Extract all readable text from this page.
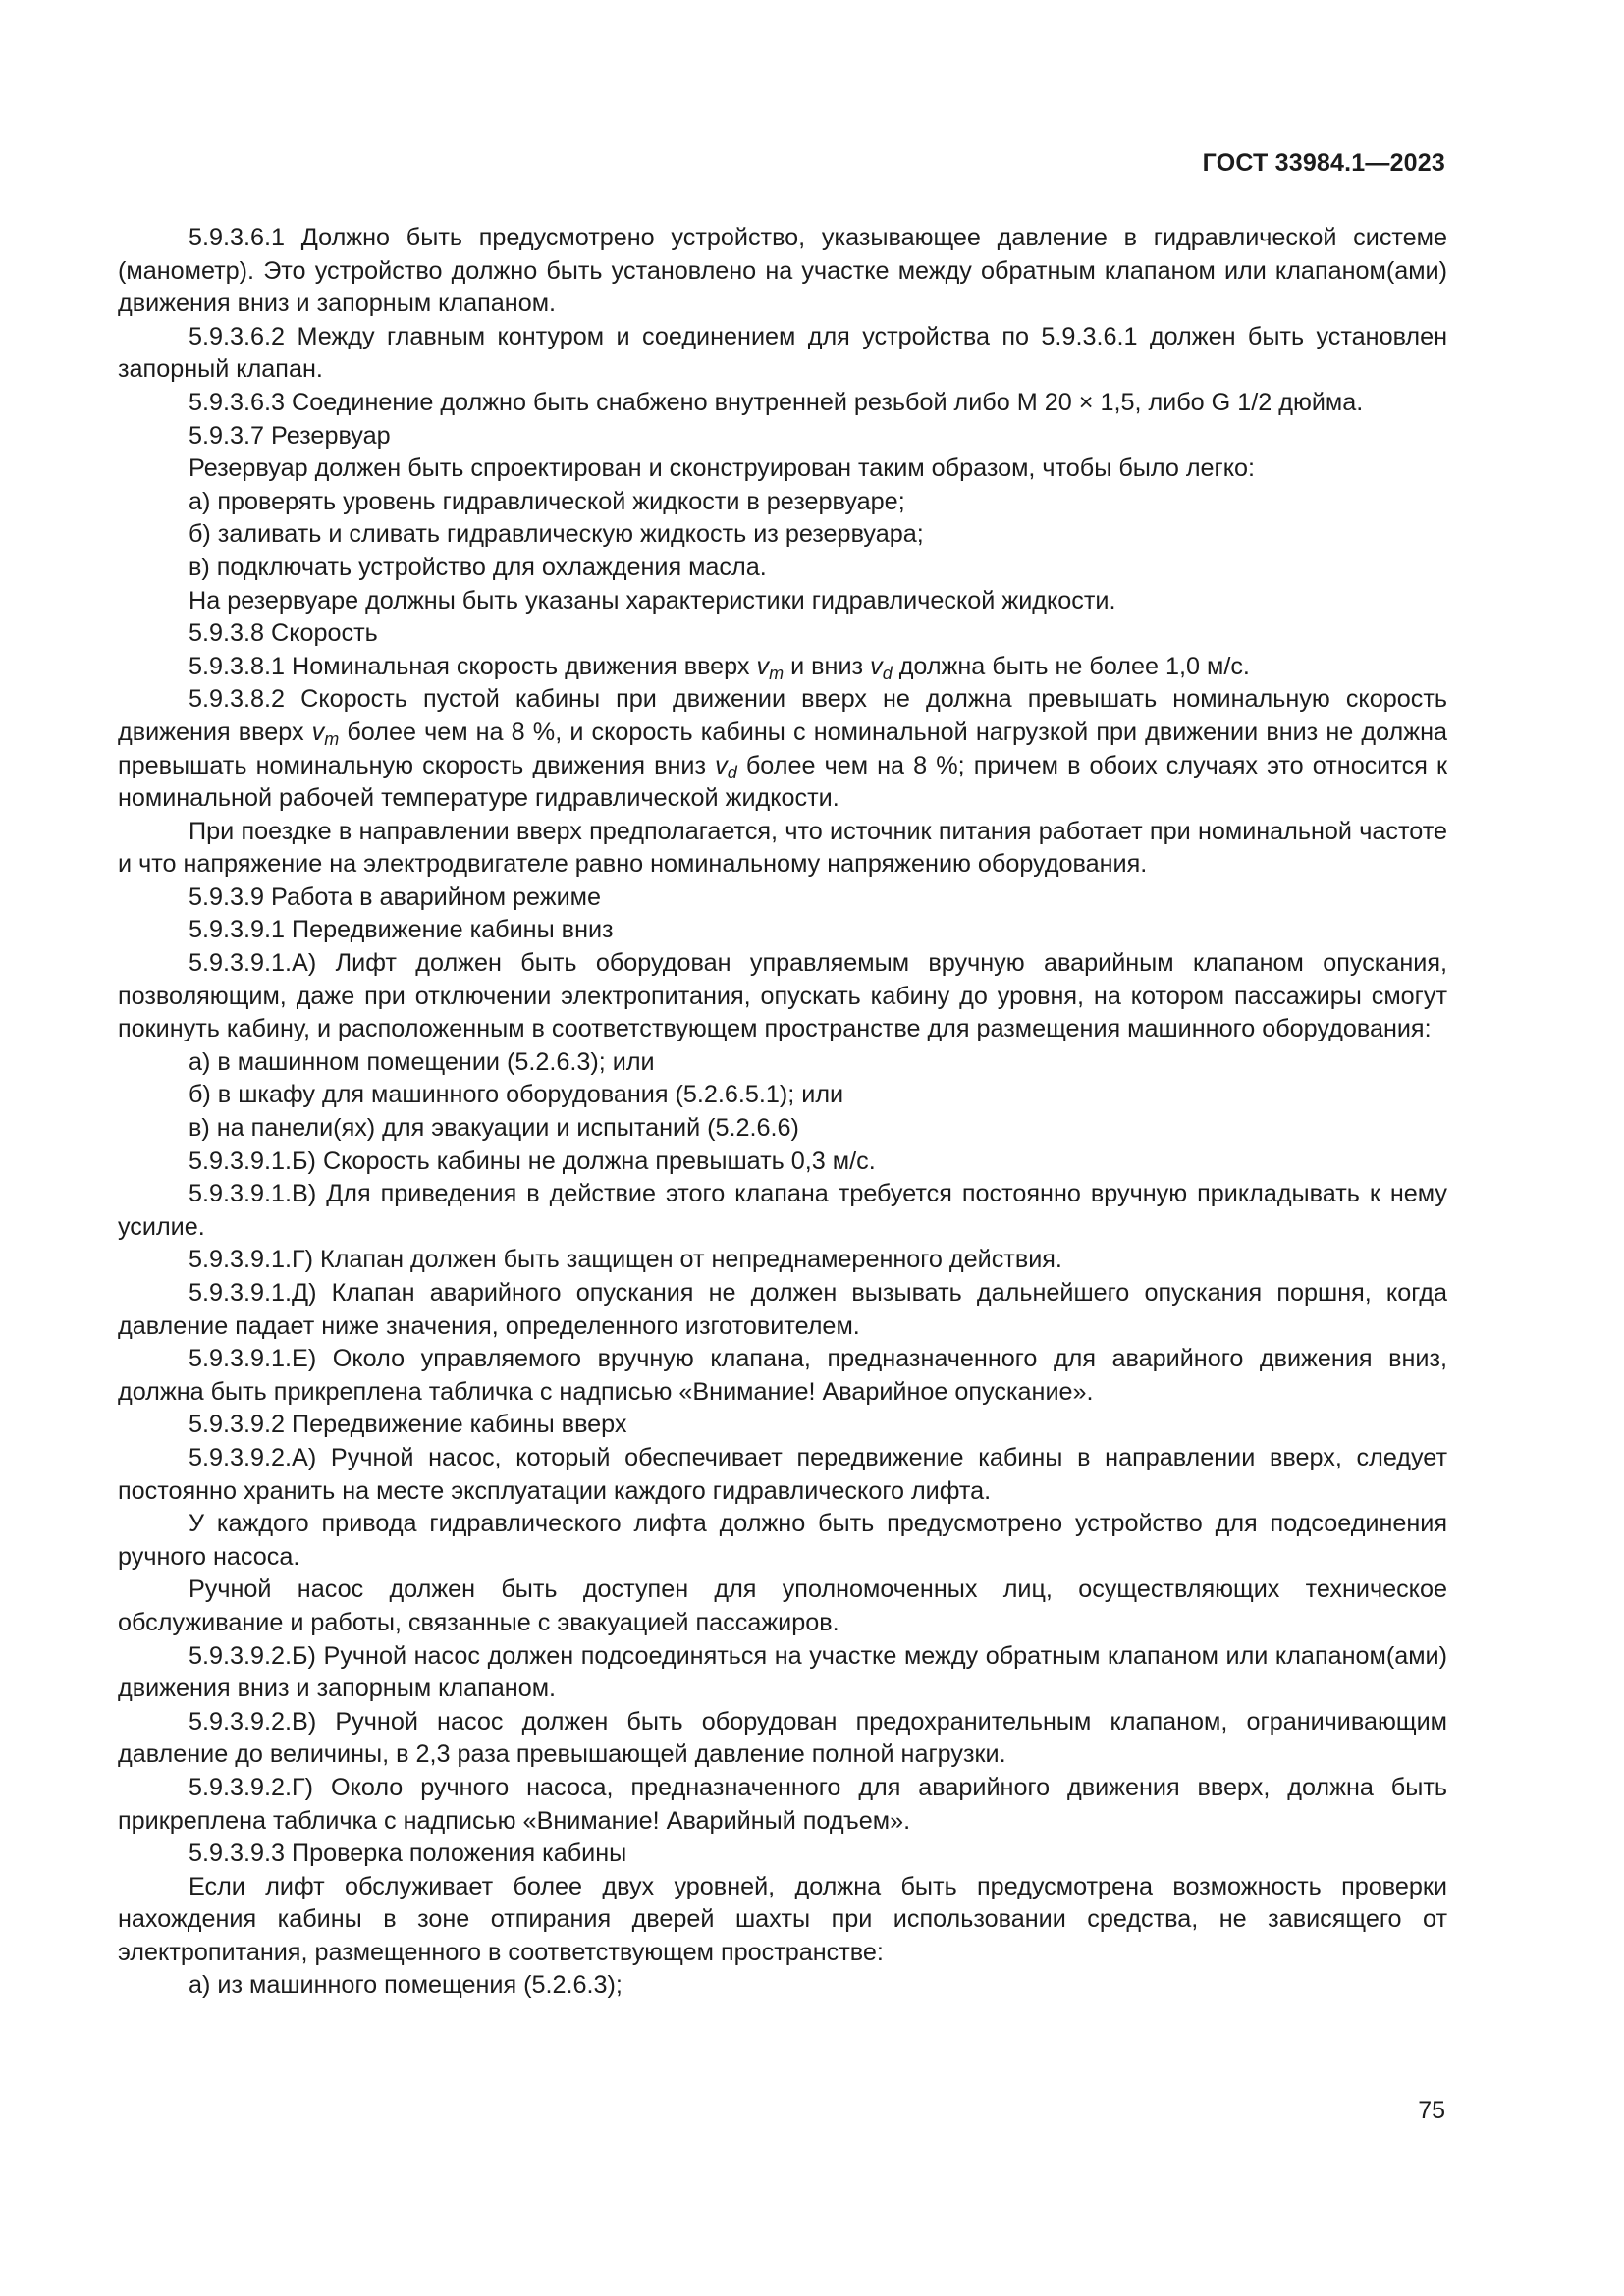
ГОСТ 33984.1—2023

5.9.3.6.1 Должно быть предусмотрено устройство, указывающее давление в гидравлической системе (манометр). Это устройство должно быть установлено на участке между обратным клапаном или клапаном(ами) движения вниз и запорным клапаном.

5.9.3.6.2 Между главным контуром и соединением для устройства по 5.9.3.6.1 должен быть установлен запорный клапан.

5.9.3.6.3 Соединение должно быть снабжено внутренней резьбой либо М 20 × 1,5, либо G 1/2 дюйма.

5.9.3.7 Резервуар

Резервуар должен быть спроектирован и сконструирован таким образом, чтобы было легко:

а) проверять уровень гидравлической жидкости в резервуаре;

б) заливать и сливать гидравлическую жидкость из резервуара;

в) подключать устройство для охлаждения масла.

На резервуаре должны быть указаны характеристики гидравлической жидкости.

5.9.3.8 Скорость

5.9.3.8.1 Номинальная скорость движения вверх $v_m$ и вниз $v_d$ должна быть не более 1,0 м/с.

5.9.3.8.2 Скорость пустой кабины при движении вверх не должна превышать номинальную скорость движения вверх $v_m$ более чем на 8 %, и скорость кабины с номинальной нагрузкой при движении вниз не должна превышать номинальную скорость движения вниз $v_d$ более чем на 8 %; причем в обоих случаях это относится к номинальной рабочей температуре гидравлической жидкости.

При поездке в направлении вверх предполагается, что источник питания работает при номинальной частоте и что напряжение на электродвигателе равно номинальному напряжению оборудования.

5.9.3.9 Работа в аварийном режиме

5.9.3.9.1 Передвижение кабины вниз

5.9.3.9.1.А) Лифт должен быть оборудован управляемым вручную аварийным клапаном опускания, позволяющим, даже при отключении электропитания, опускать кабину до уровня, на котором пассажиры смогут покинуть кабину, и расположенным в соответствующем пространстве для размещения машинного оборудования:

а) в машинном помещении (5.2.6.3); или

б) в шкафу для машинного оборудования (5.2.6.5.1); или

в) на панели(ях) для эвакуации и испытаний (5.2.6.6)

5.9.3.9.1.Б) Скорость кабины не должна превышать 0,3 м/с.

5.9.3.9.1.В) Для приведения в действие этого клапана требуется постоянно вручную прикладывать к нему усилие.

5.9.3.9.1.Г) Клапан должен быть защищен от непреднамеренного действия.

5.9.3.9.1.Д) Клапан аварийного опускания не должен вызывать дальнейшего опускания поршня, когда давление падает ниже значения, определенного изготовителем.

5.9.3.9.1.Е) Около управляемого вручную клапана, предназначенного для аварийного движения вниз, должна быть прикреплена табличка с надписью «Внимание! Аварийное опускание».

5.9.3.9.2 Передвижение кабины вверх

5.9.3.9.2.А) Ручной насос, который обеспечивает передвижение кабины в направлении вверх, следует постоянно хранить на месте эксплуатации каждого гидравлического лифта.

У каждого привода гидравлического лифта должно быть предусмотрено устройство для подсоединения ручного насоса.

Ручной насос должен быть доступен для уполномоченных лиц, осуществляющих техническое обслуживание и работы, связанные с эвакуацией пассажиров.

5.9.3.9.2.Б) Ручной насос должен подсоединяться на участке между обратным клапаном или клапаном(ами) движения вниз и запорным клапаном.

5.9.3.9.2.В) Ручной насос должен быть оборудован предохранительным клапаном, ограничивающим давление до величины, в 2,3 раза превышающей давление полной нагрузки.

5.9.3.9.2.Г) Около ручного насоса, предназначенного для аварийного движения вверх, должна быть прикреплена табличка с надписью «Внимание! Аварийный подъем».

5.9.3.9.3 Проверка положения кабины

Если лифт обслуживает более двух уровней, должна быть предусмотрена возможность проверки нахождения кабины в зоне отпирания дверей шахты при использовании средства, не зависящего от электропитания, размещенного в соответствующем пространстве:

а) из машинного помещения (5.2.6.3);

75
